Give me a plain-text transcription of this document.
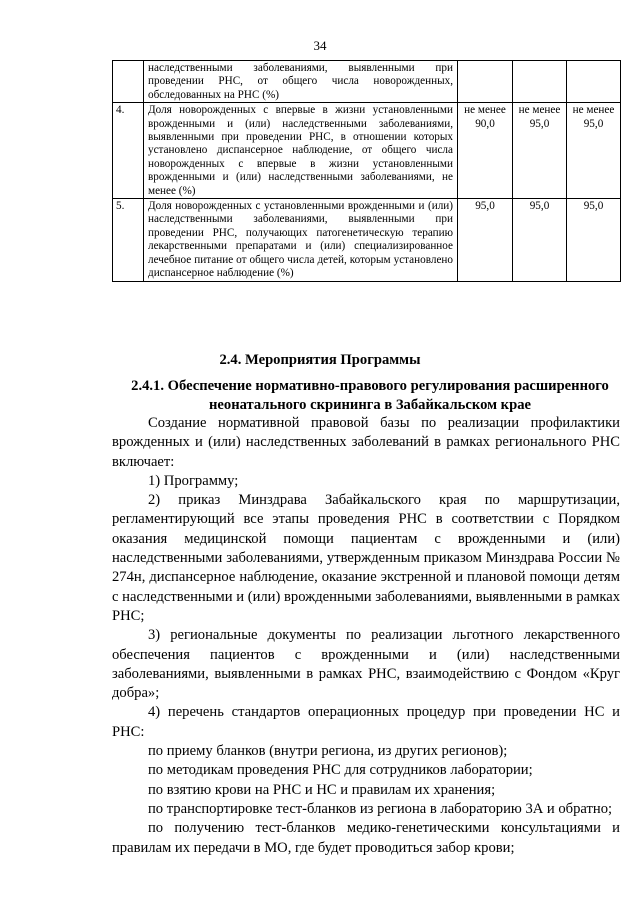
34
	наследственными заболеваниями, выявленными при проведении РНС, от общего числа новорожденных, обследованных на РНС (%)			
4.	Доля новорожденных с впервые в жизни установленными врожденными и (или) наследственными заболеваниями, выявленными при проведении РНС, в отношении которых установлено диспансерное наблюдение, от общего числа новорожденных с впервые в жизни установленными врожденными и (или) наследственными заболеваниями, не менее (%)	не менее 90,0	не менее 95,0	не менее 95,0
5.	Доля новорожденных с установленными врожденными и (или) наследственными заболеваниями, выявленными при проведении РНС, получающих патогенетическую терапию лекарственными препаратами и (или) специализированное лечебное питание от общего числа детей, которым установлено диспансерное наблюдение (%)	95,0	95,0	95,0
2.4. Мероприятия Программы
2.4.1. Обеспечение нормативно-правового регулирования расширенного неонатального скрининга в Забайкальском крае

Создание нормативной правовой базы по реализации профилактики врожденных и (или) наследственных заболеваний в рамках регионального РНС включает:

1) Программу;

2) приказ Минздрава Забайкальского края по маршрутизации, регламентирующий все этапы проведения РНС в соответствии с Порядком оказания медицинской помощи пациентам с врожденными и (или) наследственными заболеваниями, утвержденным приказом Минздрава России № 274н, диспансерное наблюдение, оказание экстренной и плановой помощи детям с наследственными и (или) врожденными заболеваниями, выявленными в рамках РНС;

3) региональные документы по реализации льготного лекарственного обеспечения пациентов с врожденными и (или) наследственными заболеваниями, выявленными в рамках РНС, взаимодействию с Фондом «Круг добра»;

4) перечень стандартов операционных процедур при проведении НС и РНС:

по приему бланков (внутри региона, из других регионов);

по методикам проведения РНС для сотрудников лаборатории;

по взятию крови на РНС и НС и правилам их хранения;

по транспортировке тест-бланков из региона в лабораторию 3А и обратно;

по получению тест-бланков медико-генетическими консультациями и правилам их передачи в МО, где будет проводиться забор крови;
